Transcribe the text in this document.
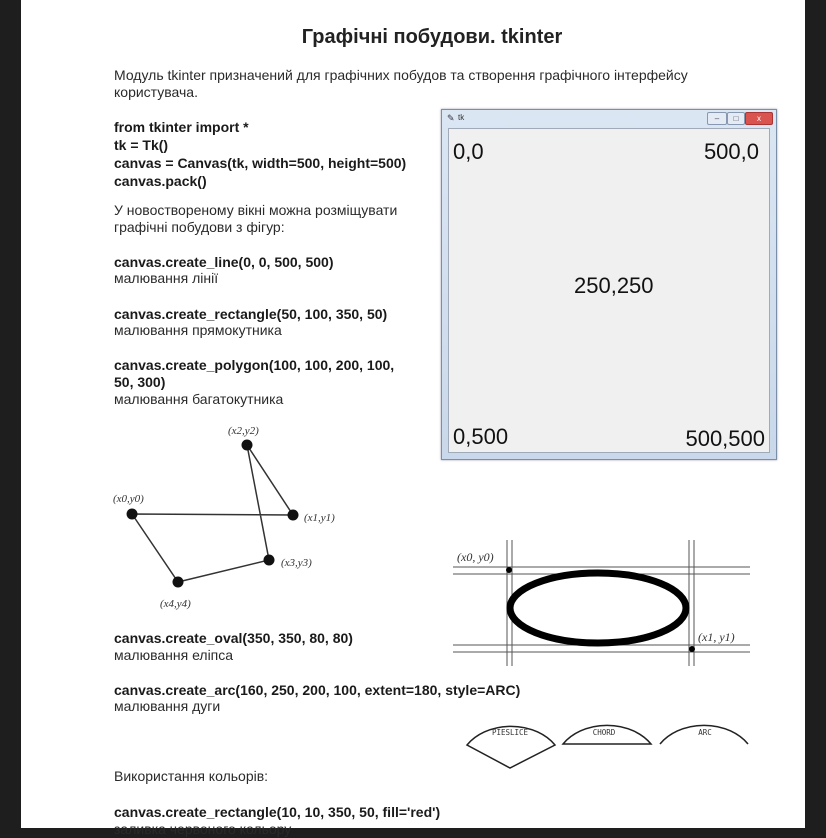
Графічні побудови. tkinter
Модуль tkinter призначений для графічних побудов та створення графічного інтерфейсу
користувача.
from tkinter import *
tk = Tk()
canvas = Canvas(tk, width=500, height=500)
canvas.pack()
У новоствореному вікні можна розміщувати
графічні побудови з фігур:
canvas.create_line(0, 0, 500, 500)
малювання лінії
canvas.create_rectangle(50, 100, 350, 50)
малювання прямокутника
canvas.create_polygon(100, 100, 200, 100,
50, 300)
малювання багатокутника
canvas.create_oval(350, 350, 80, 80)
малювання еліпса
canvas.create_arc(160, 250, 200, 100, extent=180, style=ARC)
малювання дуги
Використання кольорів:
canvas.create_rectangle(10, 10, 350, 50, fill='red')
заливка червоного кольору
✎ tk	–	□	x
0,0	500,0
250,250
0,500	500,500
(x0,y0)
(x1,y1)
(x2,y2)
(x3,y3)
(x4,y4)
(x0, y0)
(x1, y1)
PIESLICE	CHORD	ARC
